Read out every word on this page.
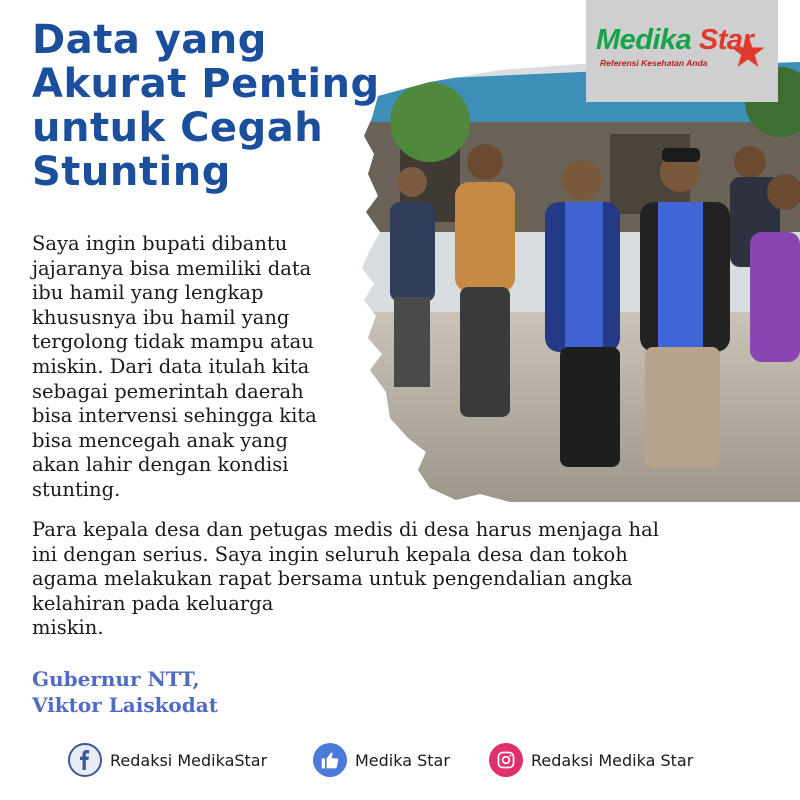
Data yang
Akurat Penting
untuk Cegah
Stunting
Medika Star
Referensi Kesehatan Anda
Saya ingin bupati dibantu
jajaranya bisa memiliki data
ibu hamil yang lengkap
khususnya ibu hamil yang
tergolong tidak mampu atau
miskin. Dari data itulah kita
sebagai pemerintah daerah
bisa intervensi sehingga kita
bisa mencegah anak yang
akan lahir dengan kondisi
stunting.
Para kepala desa dan petugas medis di desa harus menjaga hal
ini dengan serius. Saya ingin seluruh kepala desa dan tokoh
agama melakukan rapat bersama untuk pengendalian angka
kelahiran pada keluarga
miskin.
Gubernur NTT,
Viktor Laiskodat
Redaksi MedikaStar	Medika Star	Redaksi Medika Star
